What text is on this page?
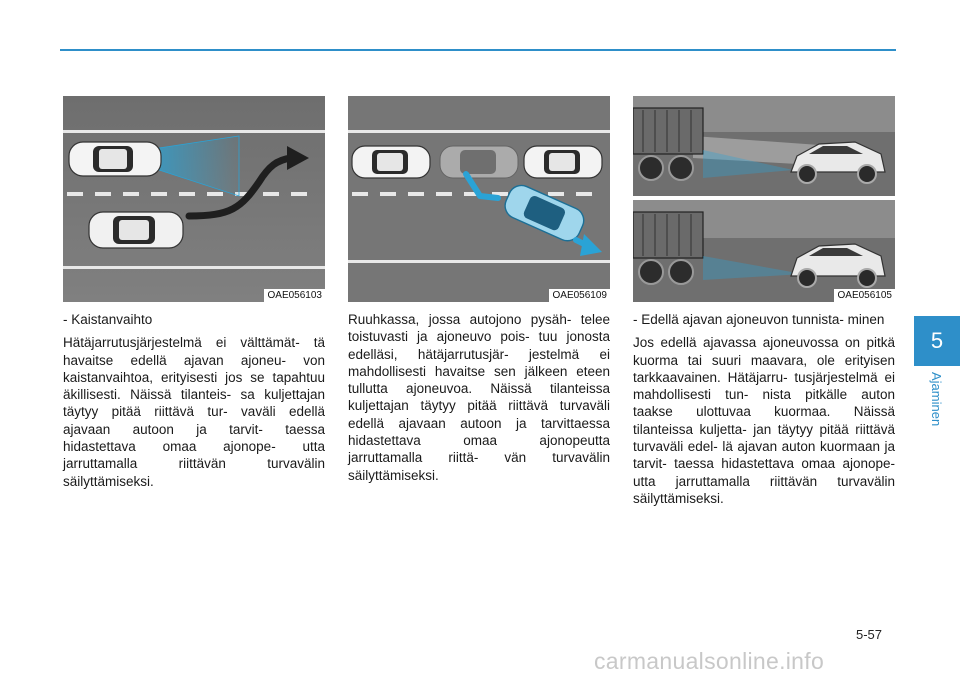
OAE056103

- Kaistanvaihto

Hätäjarrutusjärjestelmä ei välttämät- tä havaitse edellä ajavan ajoneu- von kaistanvaihtoa, erityisesti jos se tapahtuu äkillisesti. Näissä tilanteis- sa kuljettajan täytyy pitää riittävä tur- vaväli edellä ajavaan autoon ja tarvit- taessa hidastettava omaa ajonope- utta jarruttamalla riittävän turvavälin säilyttämiseksi.

OAE056109

Ruuhkassa, jossa autojono pysäh- telee toistuvasti ja ajoneuvo pois- tuu jonosta edelläsi, hätäjarrutusjär- jestelmä ei mahdollisesti havaitse sen jälkeen eteen tullutta ajoneuvoa. Näissä tilanteissa kuljettajan täytyy pitää riittävä turvaväli edellä ajavaan autoon ja tarvittaessa hidastettava omaa ajonopeutta jarruttamalla riittä- vän turvavälin säilyttämiseksi.

OAE056105

- Edellä ajavan ajoneuvon tunnista- minen

Jos edellä ajavassa ajoneuvossa on pitkä kuorma tai suuri maavara, ole erityisen tarkkaavainen. Hätäjarru- tusjärjestelmä ei mahdollisesti tun- nista pitkälle auton taakse ulottuvaa kuormaa. Näissä tilanteissa kuljetta- jan täytyy pitää riittävä turvaväli edel- lä ajavan auton kuormaan ja tarvit- taessa hidastettava omaa ajonope- utta jarruttamalla riittävän turvavälin säilyttämiseksi.

5
Ajaminen
5-57
carmanualsonline.info
